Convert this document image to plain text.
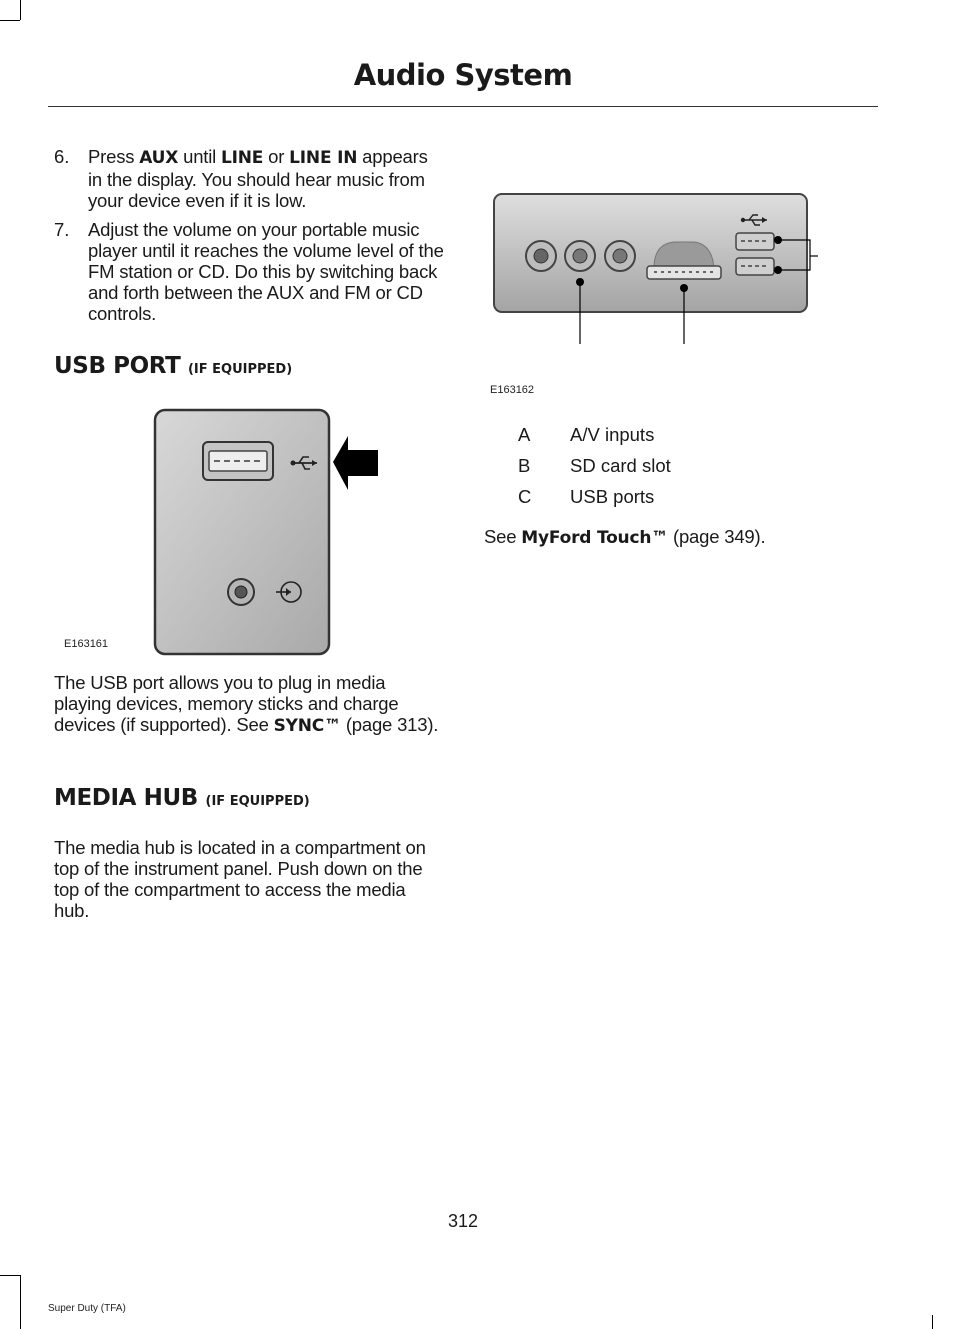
Audio System
6.	Press AUX until LINE or LINE IN appears in the display. You should hear music from your device even if it is low.
7.	Adjust the volume on your portable music player until it reaches the volume level of the FM station or CD. Do this by switching back and forth between the AUX and FM or CD controls.
USB PORT (IF EQUIPPED)
E163161

The USB port allows you to plug in media playing devices, memory sticks and charge devices (if supported). See SYNC™ (page 313).

MEDIA HUB (IF EQUIPPED)

The media hub is located in a compartment on top of the instrument panel. Push down on the top of the compartment to access the media hub.

E163162
A	A/V inputs
B	SD card slot
C	USB ports

See MyFord Touch™ (page 349).

312
Super Duty (TFA)
